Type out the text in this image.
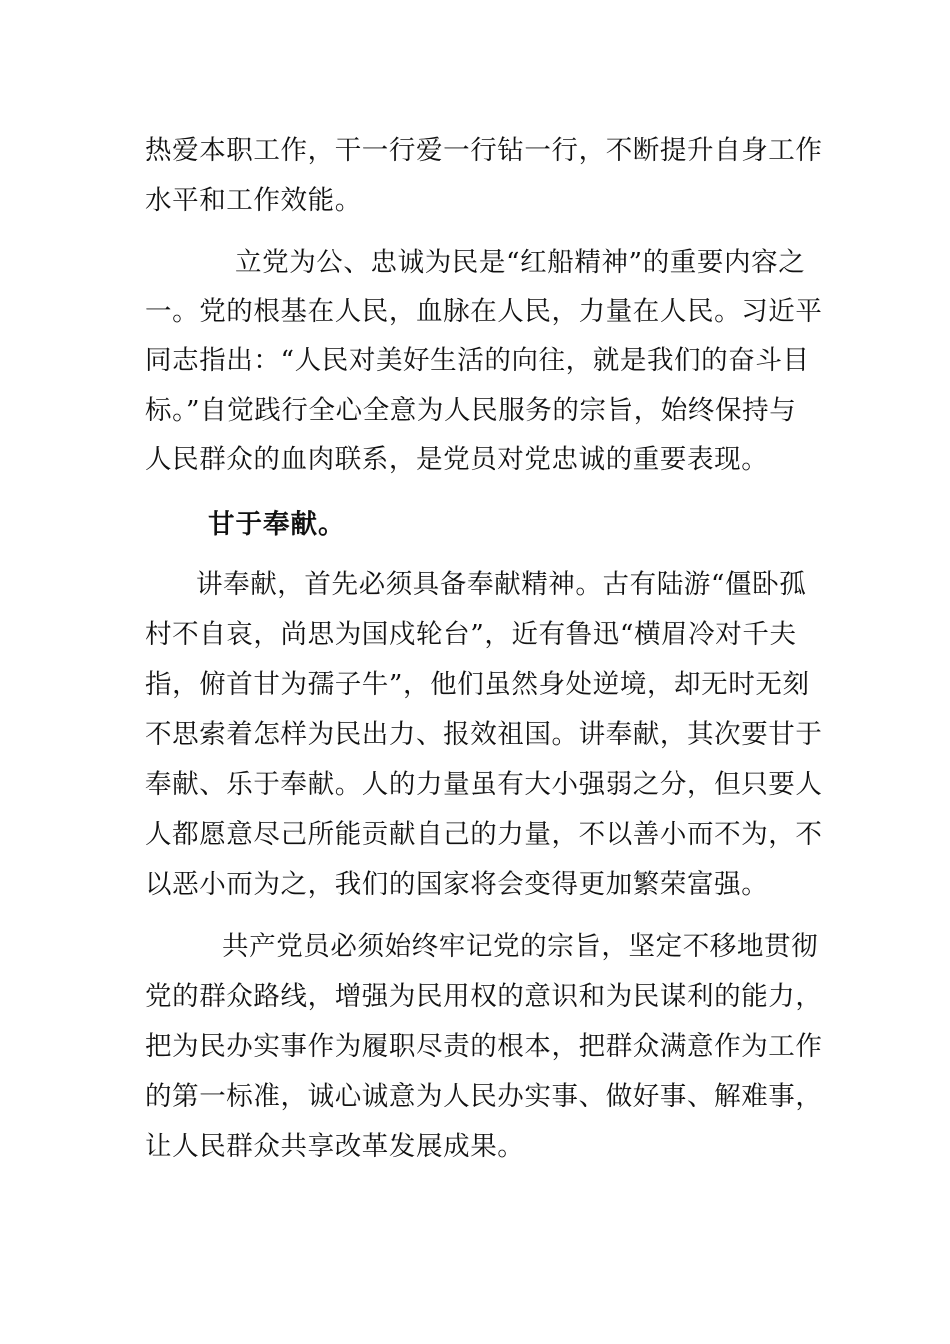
热爱本职工作，干一行爱一行钻一行，不断提升自身工作
水平和工作效能。
立党为公、忠诚为民是“红船精神”的重要内容之
一。党的根基在人民，血脉在人民，力量在人民。习近平
同志指出：“人民对美好生活的向往，就是我们的奋斗目
标。”自觉践行全心全意为人民服务的宗旨，始终保持与
人民群众的血肉联系，是党员对党忠诚的重要表现。
甘于奉献。
讲奉献，首先必须具备奉献精神。古有陆游“僵卧孤
村不自哀，尚思为国戍轮台”，近有鲁迅“横眉冷对千夫
指，俯首甘为孺子牛”，他们虽然身处逆境，却无时无刻
不思索着怎样为民出力、报效祖国。讲奉献，其次要甘于
奉献、乐于奉献。人的力量虽有大小强弱之分，但只要人
人都愿意尽己所能贡献自己的力量，不以善小而不为，不
以恶小而为之，我们的国家将会变得更加繁荣富强。
共产党员必须始终牢记党的宗旨，坚定不移地贯彻
党的群众路线，增强为民用权的意识和为民谋利的能力，
把为民办实事作为履职尽责的根本，把群众满意作为工作
的第一标准，诚心诚意为人民办实事、做好事、解难事，
让人民群众共享改革发展成果。
